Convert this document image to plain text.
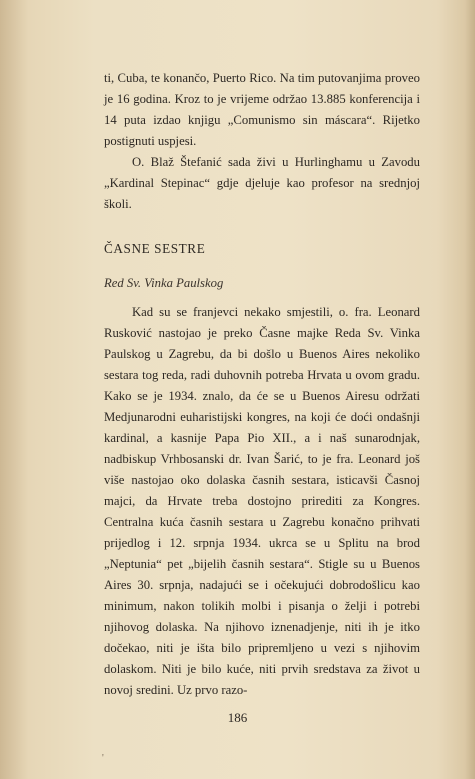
ti, Cuba, te konančo, Puerto Rico. Na tim putovanjima proveo je 16 godina. Kroz to je vrijeme održao 13.885 konferencija i 14 puta izdao knjigu „Comunismo sin máscara“. Rijetko postignuti uspjesi.

O. Blaž Štefanić sada živi u Hurlinghamu u Zavodu „Kardinal Stepinac“ gdje djeluje kao profesor na srednjoj školi.

ČASNE SESTRE
Red Sv. Vinka Paulskog

Kad su se franjevci nekako smjestili, o. fra. Leonard Rusković nastojao je preko Časne majke Reda Sv. Vinka Paulskog u Zagrebu, da bi došlo u Buenos Aires nekoliko sestara tog reda, radi duhovnih potreba Hrvata u ovom gradu. Kako se je 1934. znalo, da će se u Buenos Airesu održati Medjunarodni euharistijski kongres, na koji će doći ondašnji kardinal, a kasnije Papa Pio XII., a i naš sunarodnjak, nadbiskup Vrhbosanski dr. Ivan Šarić, to je fra. Leonard još više nastojao oko dolaska časnih sestara, isticavši Časnoj majci, da Hrvate treba dostojno prirediti za Kongres. Centralna kuća časnih sestara u Zagrebu konačno prihvati prijedlog i 12. srpnja 1934. ukrca se u Splitu na brod „Neptunia“ pet „bijelih časnih sestara“. Stigle su u Buenos Aires 30. srpnja, nadajući se i očekujući dobrodošlicu kao minimum, nakon tolikih molbi i pisanja o želji i potrebi njihovog dolaska. Na njihovo iznenadjenje, niti ih je itko dočekao, niti je išta bilo pripremljeno u vezi s njihovim dolaskom. Niti je bilo kuće, niti prvih sredstava za život u novoj sredini. Uz prvo razo-

186
'
